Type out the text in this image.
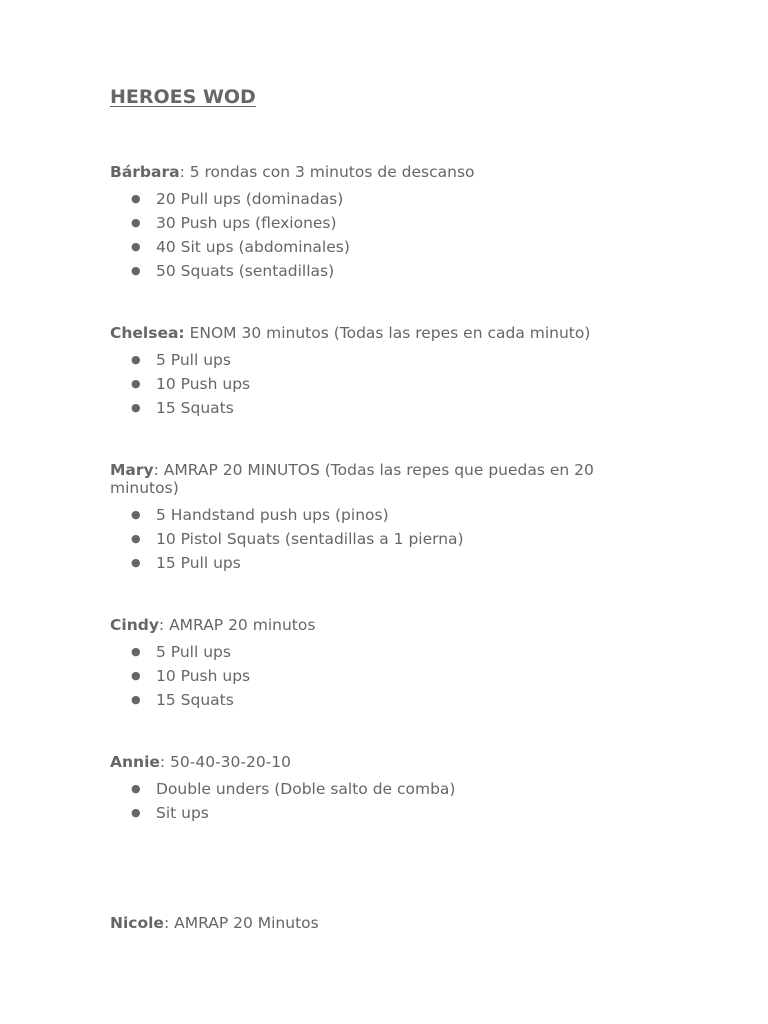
HEROES WOD

Bárbara: 5 rondas con 3 minutos de descanso

● 20 Pull ups (dominadas)
● 30 Push ups (flexiones)
● 40 Sit ups (abdominales)
● 50 Squats (sentadillas)

Chelsea: ENOM 30 minutos (Todas las repes en cada minuto)

● 5 Pull ups
● 10 Push ups
● 15 Squats

Mary: AMRAP 20 MINUTOS (Todas las repes que puedas en 20 minutos)

● 5 Handstand push ups (pinos)
● 10 Pistol Squats (sentadillas a 1 pierna)
● 15 Pull ups

Cindy: AMRAP 20 minutos

● 5 Pull ups
● 10 Push ups
● 15 Squats

Annie: 50-40-30-20-10

● Double unders (Doble salto de comba)
● Sit ups

Nicole: AMRAP 20 Minutos
